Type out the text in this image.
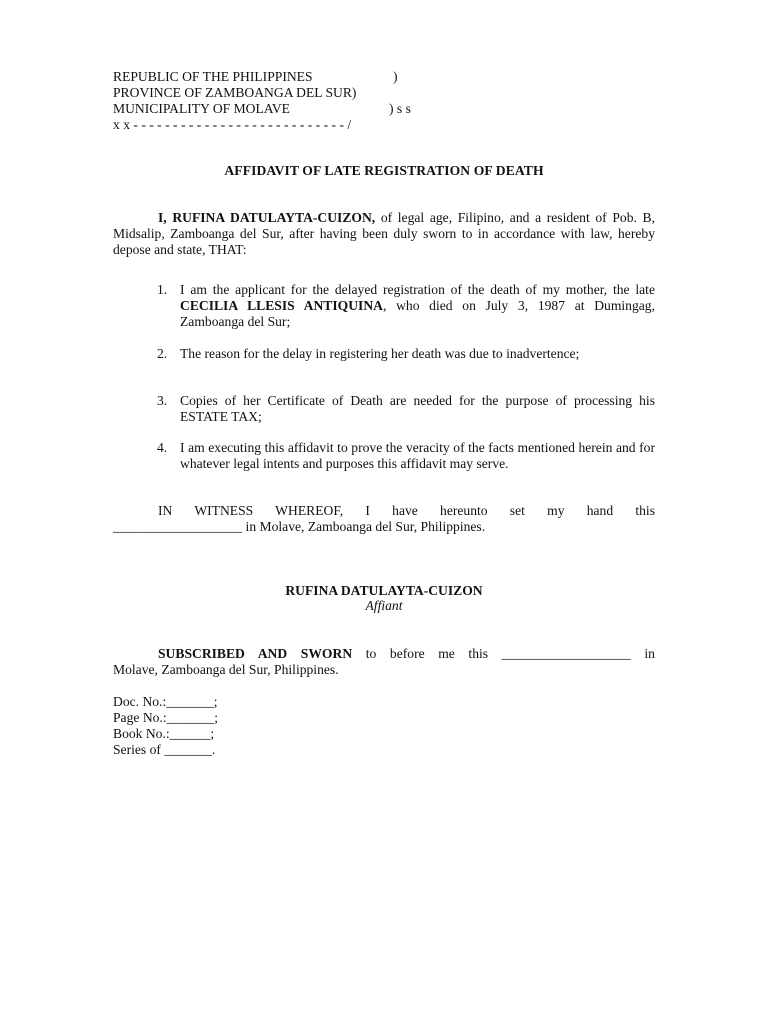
REPUBLIC OF THE PHILIPPINES	)
PROVINCE OF ZAMBOANGA DEL SUR)
MUNICIPALITY OF MOLAVE	) s s
x x - - - - - - - - - - - - - - - - - - - - - - - - - - - /
AFFIDAVIT OF LATE REGISTRATION OF DEATH
I, RUFINA DATULAYTA-CUIZON, of legal age, Filipino, and a resident of Pob. B, Midsalip, Zamboanga del Sur, after having been duly sworn to in accordance with law, hereby depose and state, THAT:
1. I am the applicant for the delayed registration of the death of my mother, the late CECILIA LLESIS ANTIQUINA, who died on July 3, 1987 at Dumingag, Zamboanga del Sur;
2. The reason for the delay in registering her death was due to inadvertence;
3. Copies of her Certificate of Death are needed for the purpose of processing his ESTATE TAX;
4. I am executing this affidavit to prove the veracity of the facts mentioned herein and for whatever legal intents and purposes this affidavit may serve.
IN WITNESS WHEREOF, I have hereunto set my hand this
___________________ in Molave, Zamboanga del Sur, Philippines.
RUFINA DATULAYTA-CUIZON
Affiant
SUBSCRIBED AND SWORN to before me this ___________________ in
Molave, Zamboanga del Sur, Philippines.
Doc. No.:_______;
Page No.:_______;
Book No.:______;
Series of _______.
